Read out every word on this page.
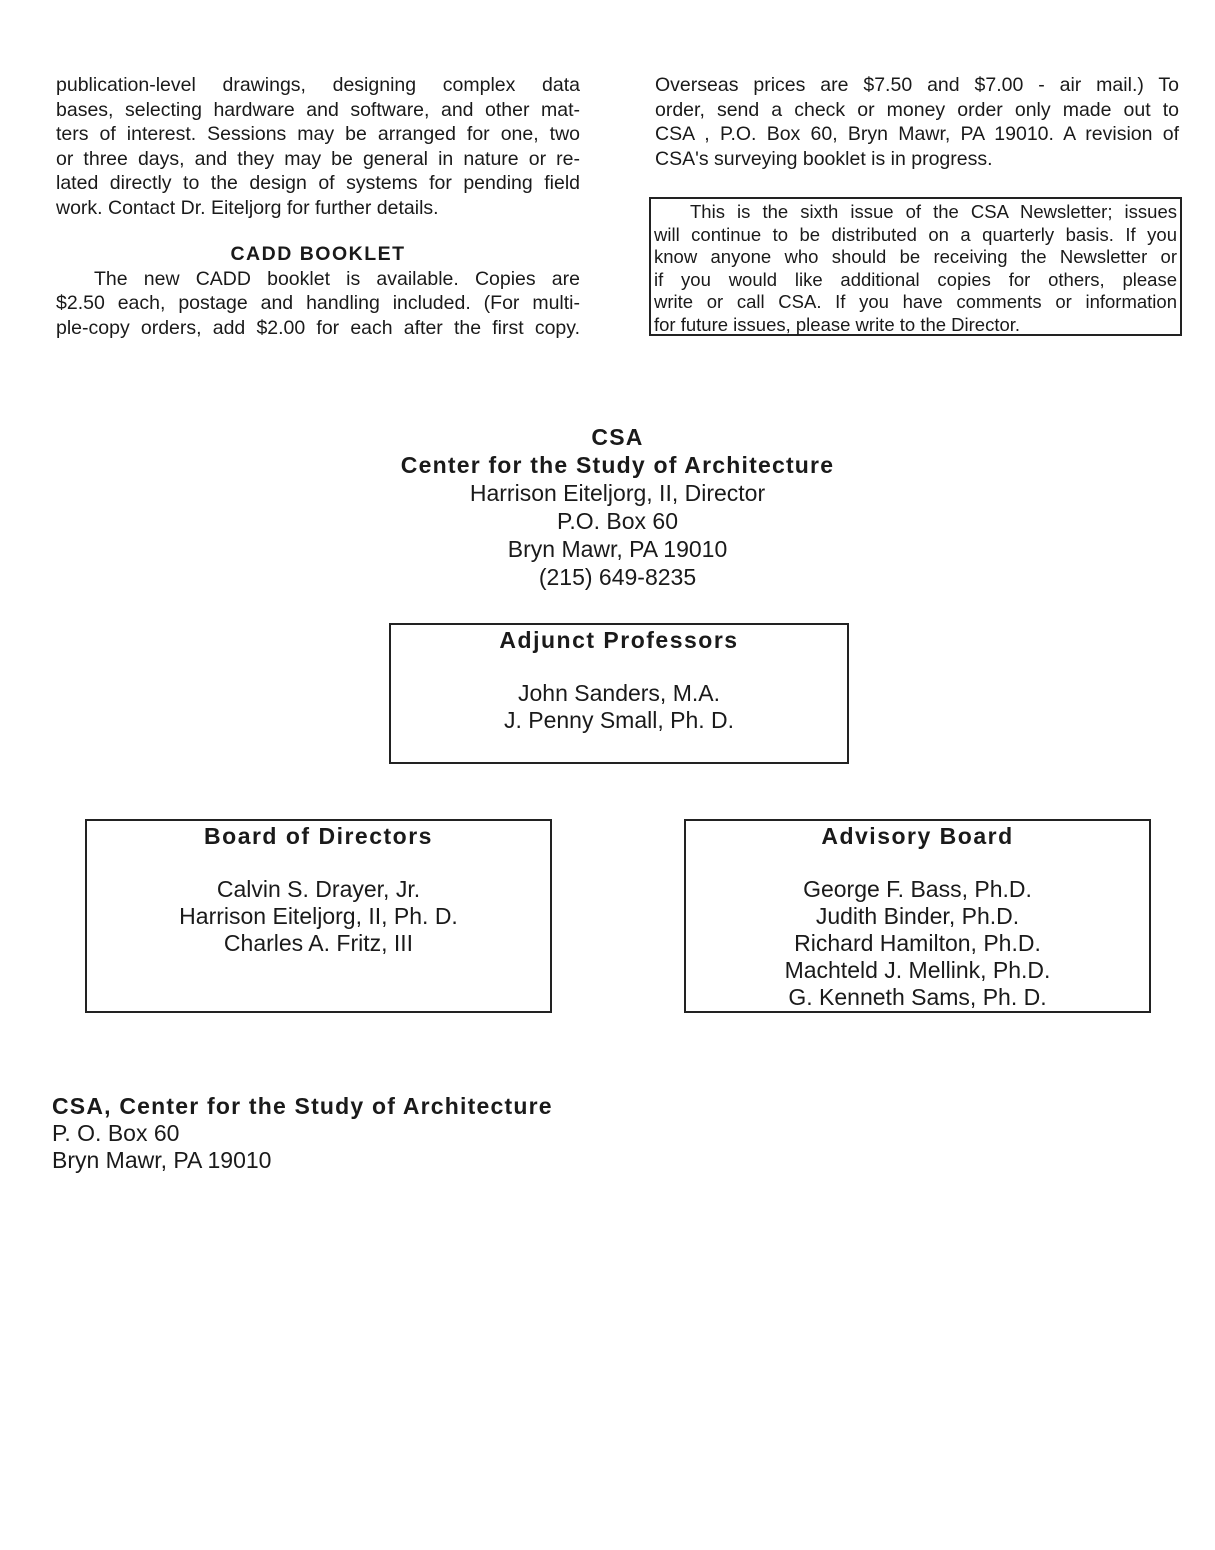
publication-level drawings, designing complex data
bases, selecting hardware and software, and other mat-
ters of interest. Sessions may be arranged for one, two
or three days, and they may be general in nature or re-
lated directly to the design of systems for pending field
work. Contact Dr. Eiteljorg for further details.

CADD BOOKLET

The new CADD booklet is available. Copies are
$2.50 each, postage and handling included. (For multi-
ple-copy orders, add $2.00 for each after the first copy.

Overseas prices are $7.50 and $7.00 - air mail.) To
order, send a check or money order only made out to
CSA , P.O. Box 60, Bryn Mawr, PA 19010. A revision of
CSA's surveying booklet is in progress.

This is the sixth issue of the CSA Newsletter; issues
will continue to be distributed on a quarterly basis. If you
know anyone who should be receiving the Newsletter or
if you would like additional copies for others, please
write or call CSA. If you have comments or information
for future issues, please write to the Director.
CSA
Center for the Study of Architecture
Harrison Eiteljorg, II, Director
P.O. Box 60
Bryn Mawr, PA 19010
(215) 649-8235
Adjunct Professors
John Sanders, M.A.
J. Penny Small, Ph. D.
Board of Directors
Calvin S. Drayer, Jr.
Harrison Eiteljorg, II, Ph. D.
Charles A. Fritz, III
Advisory Board
George F. Bass, Ph.D.
Judith Binder, Ph.D.
Richard Hamilton, Ph.D.
Machteld J. Mellink, Ph.D.
G. Kenneth Sams, Ph. D.
CSA, Center for the Study of Architecture
P. O. Box 60
Bryn Mawr, PA 19010
